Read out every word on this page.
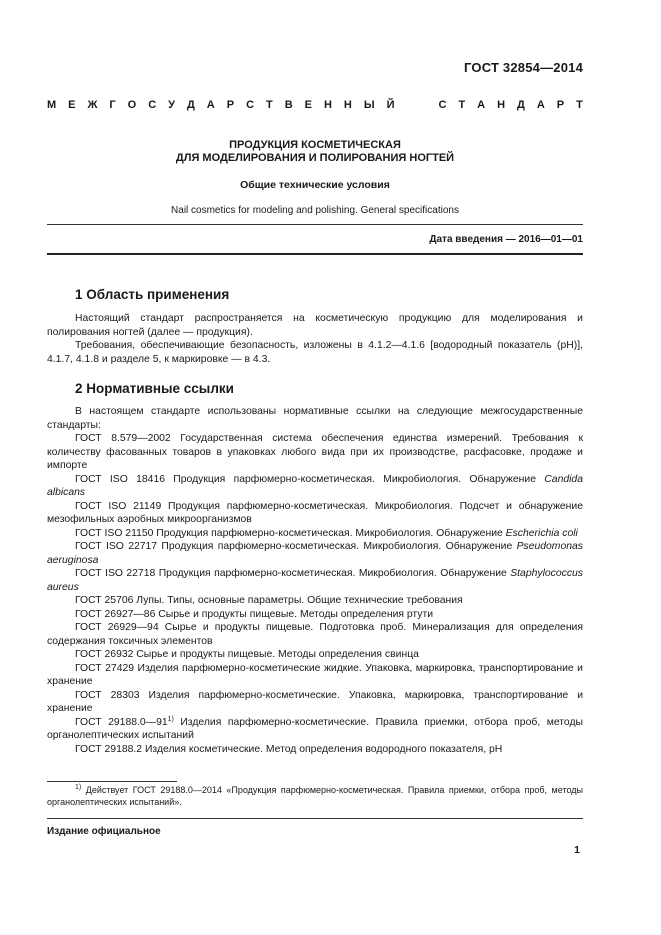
ГОСТ 32854—2014
М Е Ж Г О С У Д А Р С Т В Е Н Н Ы Й	С Т А Н Д А Р Т
ПРОДУКЦИЯ КОСМЕТИЧЕСКАЯ
ДЛЯ МОДЕЛИРОВАНИЯ И ПОЛИРОВАНИЯ НОГТЕЙ
Общие технические условия
Nail cosmetics for modeling and polishing. General specifications
Дата введения — 2016—01—01
1 Область применения

Настоящий стандарт распространяется на косметическую продукцию для моделирования и полирования ногтей (далее — продукция).

Требования, обеспечивающие безопасность, изложены в 4.1.2—4.1.6 [водородный показатель (рН)], 4.1.7, 4.1.8 и разделе 5, к маркировке — в 4.3.

2 Нормативные ссылки

В настоящем стандарте использованы нормативные ссылки на следующие межгосударственные стандарты:

ГОСТ 8.579—2002 Государственная система обеспечения единства измерений. Требования к количеству фасованных товаров в упаковках любого вида при их производстве, расфасовке, продаже и импорте

ГОСТ ISO 18416 Продукция парфюмерно-косметическая. Микробиология. Обнаружение Candida albicans

ГОСТ ISO 21149 Продукция парфюмерно-косметическая. Микробиология. Подсчет и обнаружение мезофильных аэробных микроорганизмов

ГОСТ ISO 21150 Продукция парфюмерно-косметическая. Микробиология. Обнаружение Escherichia coli

ГОСТ ISO 22717 Продукция парфюмерно-косметическая. Микробиология. Обнаружение Pseudomonas aeruginosa

ГОСТ ISO 22718 Продукция парфюмерно-косметическая. Микробиология. Обнаружение Staphylococcus aureus

ГОСТ 25706 Лупы. Типы, основные параметры. Общие технические требования

ГОСТ 26927—86 Сырье и продукты пищевые. Методы определения ртути

ГОСТ 26929—94 Сырье и продукты пищевые. Подготовка проб. Минерализация для определения содержания токсичных элементов

ГОСТ 26932 Сырье и продукты пищевые. Методы определения свинца

ГОСТ 27429 Изделия парфюмерно-косметические жидкие. Упаковка, маркировка, транспортирование и хранение

ГОСТ 28303 Изделия парфюмерно-косметические. Упаковка, маркировка, транспортирование и хранение

ГОСТ 29188.0—91$^{1)}$ Изделия парфюмерно-косметические. Правила приемки, отбора проб, методы органолептических испытаний

ГОСТ 29188.2 Изделия косметические. Метод определения водородного показателя, pH

$^{1)}$ Действует ГОСТ 29188.0—2014 «Продукция парфюмерно-косметическая. Правила приемки, отбора проб, методы органолептических испытаний».

Издание официальное
1
